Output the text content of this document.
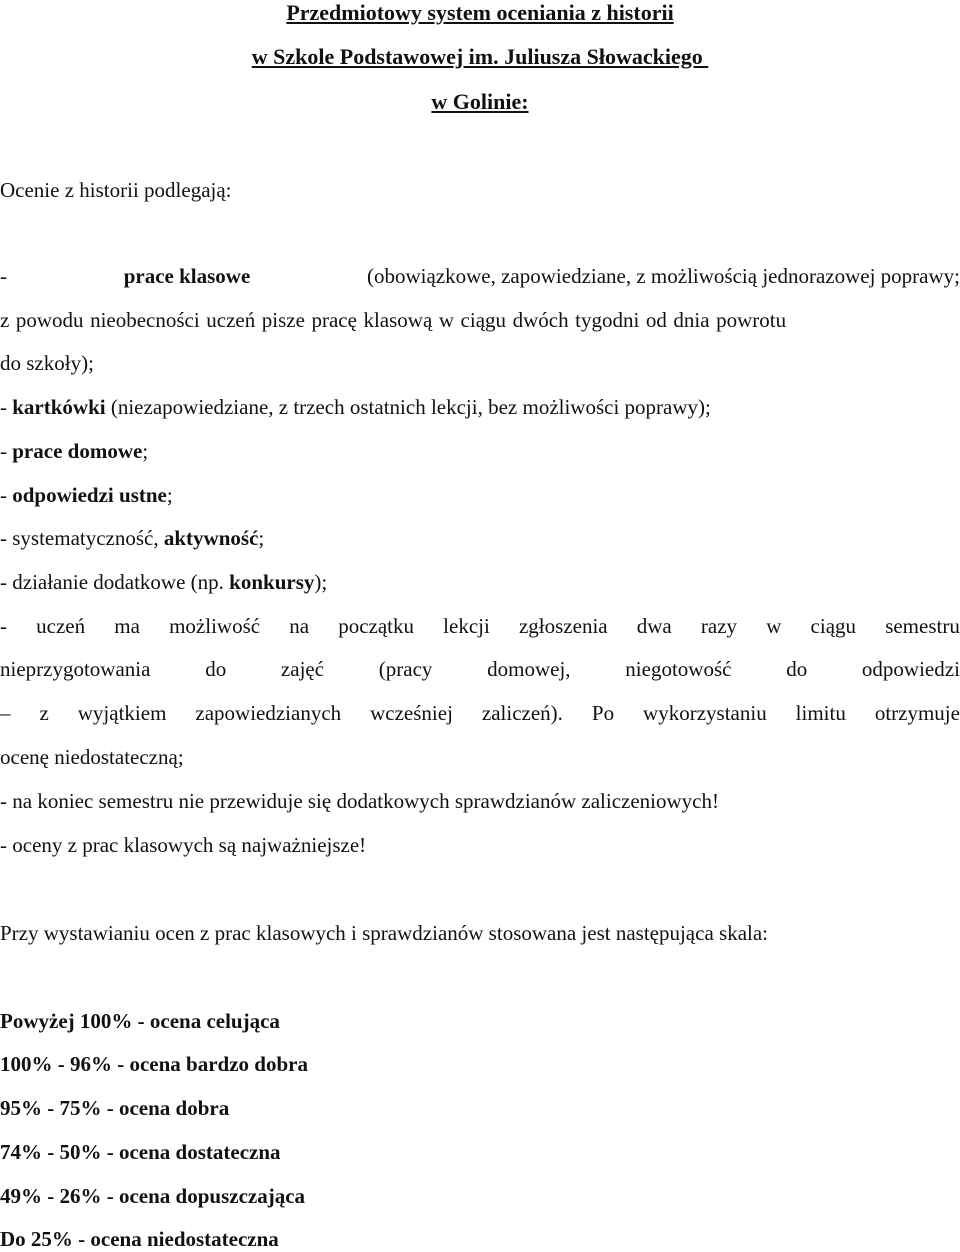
Przedmiotowy system oceniania z historii
w Szkole Podstawowej im. Juliusza Słowackiego
w Golinie:
Ocenie z historii podlegają:
-	prace klasowe	(obowiązkowe, zapowiedziane, z możliwością jednorazowej poprawy;
z powodu nieobecności uczeń pisze pracę klasową w ciągu dwóch tygodni od dnia powrotu
do szkoły);
- kartkówki (niezapowiedziane, z trzech ostatnich lekcji, bez możliwości poprawy);
- prace domowe;
- odpowiedzi ustne;
- systematyczność, aktywność;
- działanie dodatkowe (np. konkursy);
- uczeń ma możliwość na początku lekcji zgłoszenia dwa razy w ciągu semestru
nieprzygotowania	do	zajęć	(pracy	domowej,	niegotowość	do	odpowiedzi
– z wyjątkiem zapowiedzianych wcześniej zaliczeń). Po wykorzystaniu limitu otrzymuje
ocenę niedostateczną;
- na koniec semestru nie przewiduje się dodatkowych sprawdzianów zaliczeniowych!
- oceny z prac klasowych są najważniejsze!
Przy wystawianiu ocen z prac klasowych i sprawdzianów stosowana jest następująca skala:
Powyżej 100% - ocena celująca
100% - 96% - ocena bardzo dobra
95% - 75% - ocena dobra
74% - 50% - ocena dostateczna
49% - 26% - ocena dopuszczająca
Do 25% - ocena niedostateczna
